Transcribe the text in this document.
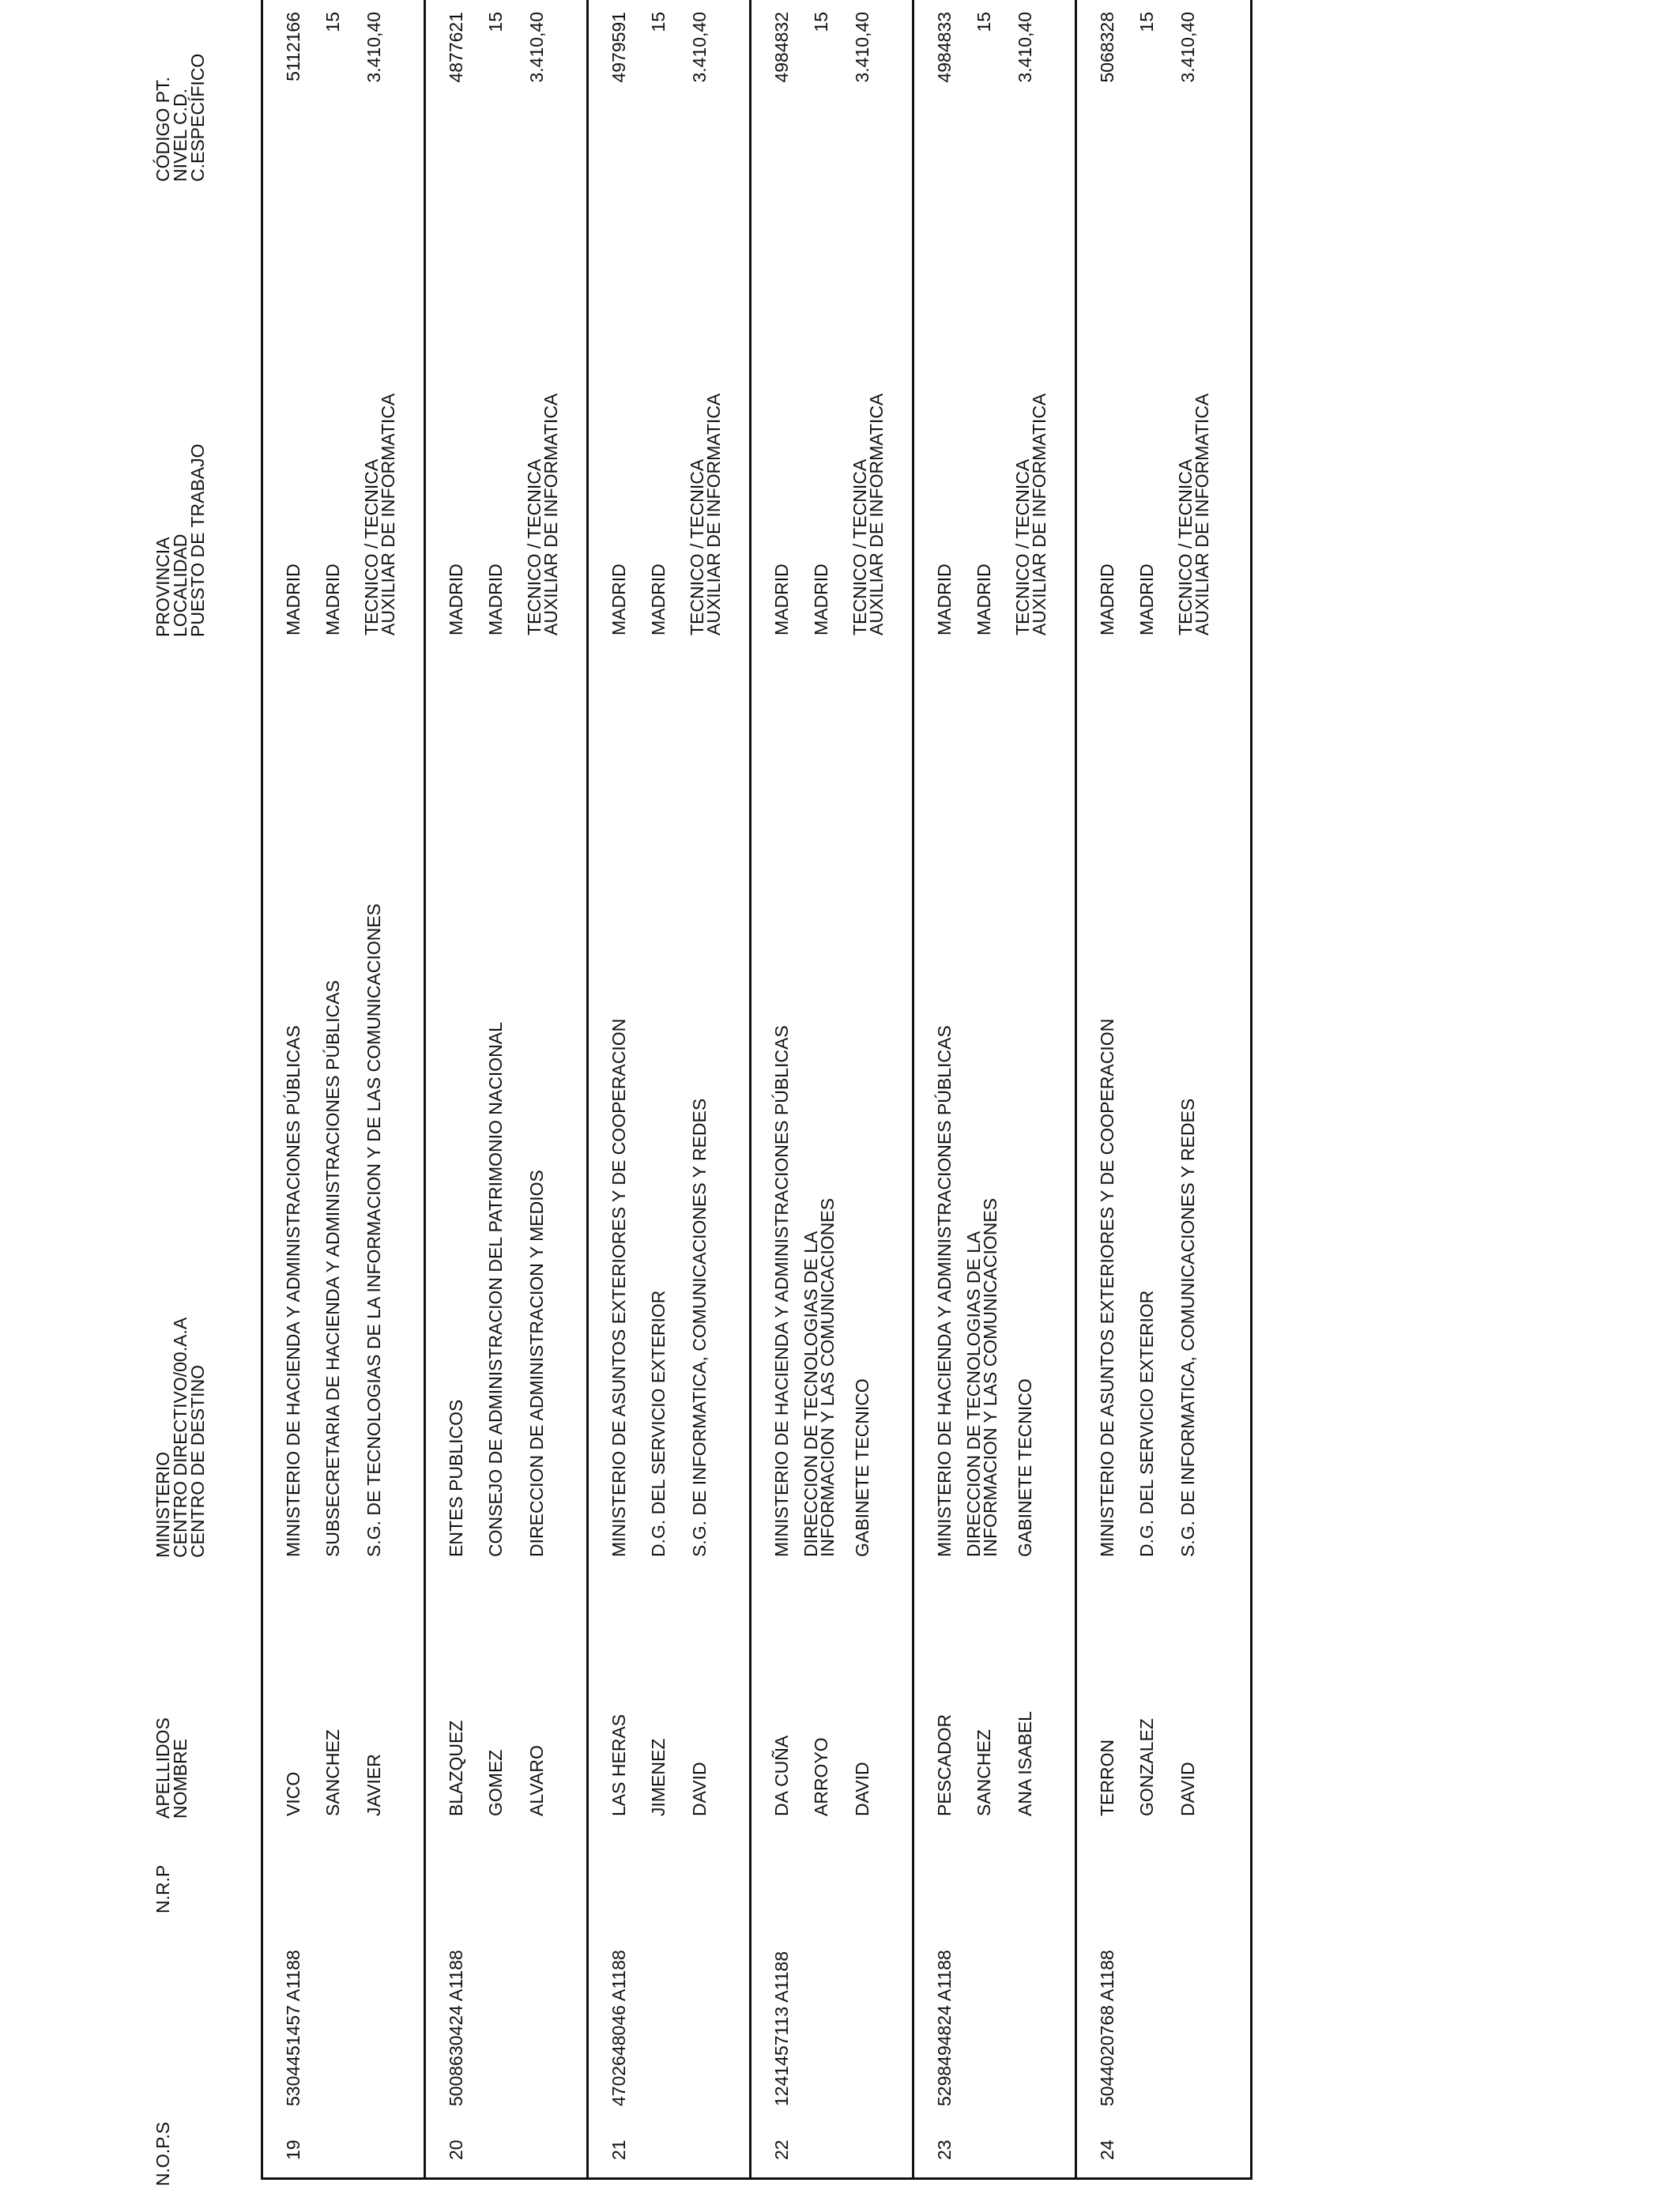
N.O.P.S
N.R.P
APELLIDOS
NOMBRE
MINISTERIO
CENTRO DIRECTIVO/00.A.A
CENTRO DE DESTINO
PROVINCIA
LOCALIDAD
PUESTO DE TRABAJO
CÓDIGO PT.
NIVEL C.D.
C.ESPECÍFICO
19
5304451457 A1188
VICO SANCHEZ JAVIER
MINISTERIO DE HACIENDA Y ADMINISTRACIONES PÚBLICAS SUBSECRETARIA DE HACIENDA Y ADMINISTRACIONES PÚBLICAS S.G. DE TECNOLOGIAS DE LA INFORMACION Y DE LAS COMUNICACIONES
MADRID MADRID TECNICO / TECNICA AUXILIAR DE INFORMATICA
5112166 15 3.410,40
20
5008630424 A1188
BLAZQUEZ GOMEZ ALVARO
ENTES PUBLICOS CONSEJO DE ADMINISTRACION DEL PATRIMONIO NACIONAL DIRECCION DE ADMINISTRACION Y MEDIOS
MADRID MADRID TECNICO / TECNICA AUXILIAR DE INFORMATICA
4877621 15 3.410,40
21
4702648046 A1188
LAS HERAS JIMENEZ DAVID
MINISTERIO DE ASUNTOS EXTERIORES Y DE COOPERACION D.G. DEL SERVICIO EXTERIOR S.G. DE INFORMATICA, COMUNICACIONES Y REDES
MADRID MADRID TECNICO / TECNICA AUXILIAR DE INFORMATICA
4979591 15 3.410,40
22
1241457113 A1188
DA CUÑA ARROYO DAVID
MINISTERIO DE HACIENDA Y ADMINISTRACIONES PÚBLICAS DIRECCION DE TECNOLOGIAS DE LA INFORMACION Y LAS COMUNICACIONES GABINETE TECNICO
MADRID MADRID TECNICO / TECNICA AUXILIAR DE INFORMATICA
4984832 15 3.410,40
23
5298494824 A1188
PESCADOR SANCHEZ ANA ISABEL
MINISTERIO DE HACIENDA Y ADMINISTRACIONES PÚBLICAS DIRECCION DE TECNOLOGIAS DE LA INFORMACION Y LAS COMUNICACIONES GABINETE TECNICO
MADRID MADRID TECNICO / TECNICA AUXILIAR DE INFORMATICA
4984833 15 3.410,40
24
5044020768 A1188
TERRON GONZALEZ DAVID
MINISTERIO DE ASUNTOS EXTERIORES Y DE COOPERACION D.G. DEL SERVICIO EXTERIOR S.G. DE INFORMATICA, COMUNICACIONES Y REDES
MADRID MADRID TECNICO / TECNICA AUXILIAR DE INFORMATICA
5068328 15 3.410,40
